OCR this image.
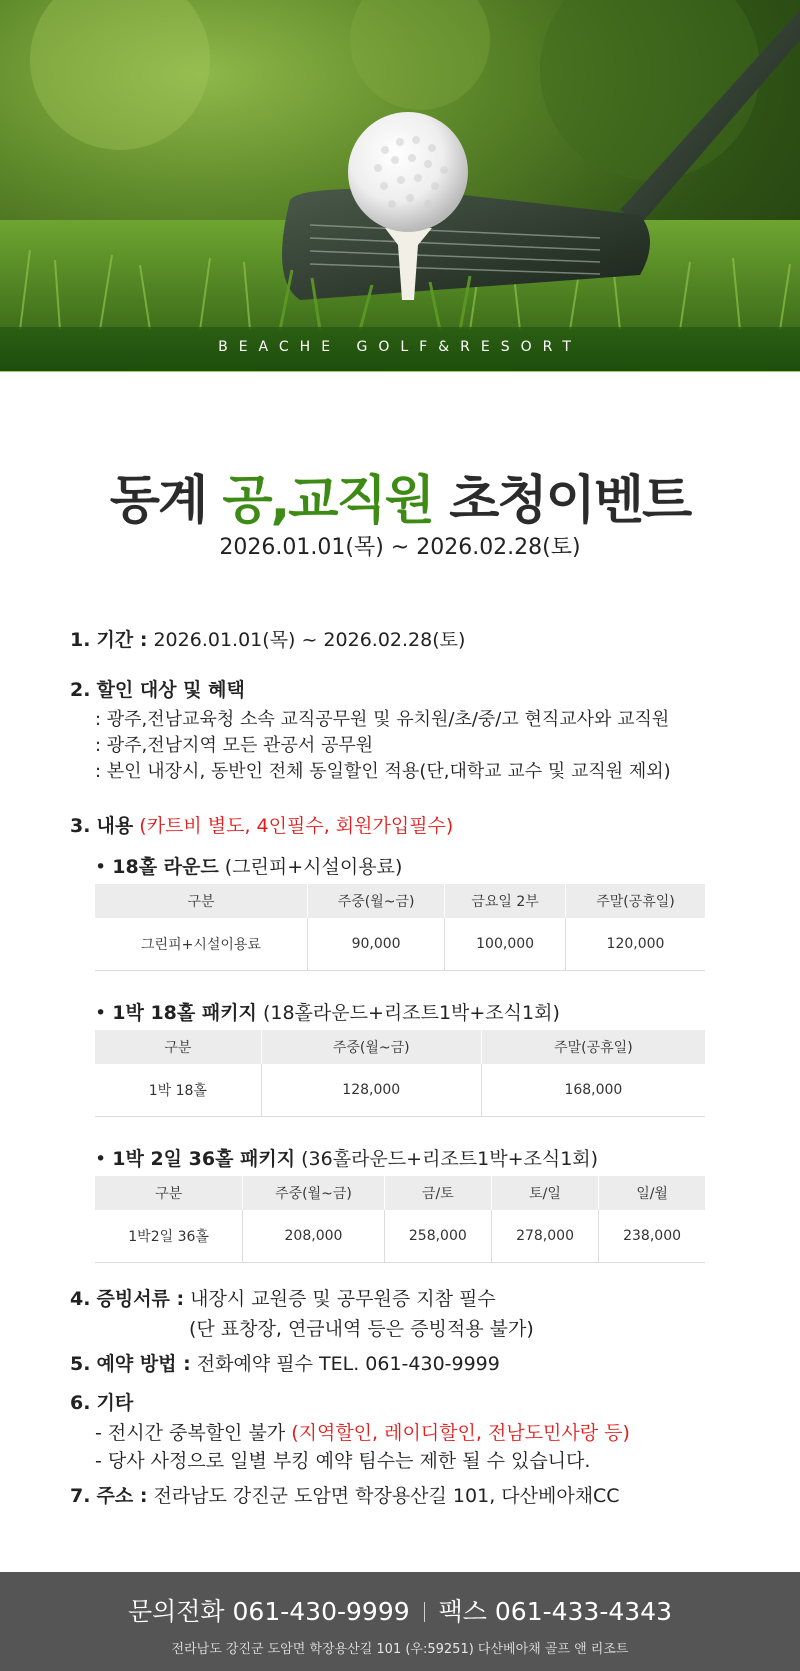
BEACHE GOLF&RESORT
동계 공,교직원 초청이벤트
2026.01.01(목) ~ 2026.02.28(토)
1. 기간 : 2026.01.01(목) ~ 2026.02.28(토)
2. 할인 대상 및 혜택
: 광주,전남교육청 소속 교직공무원 및 유치원/초/중/고 현직교사와 교직원
: 광주,전남지역 모든 관공서 공무원
: 본인 내장시, 동반인 전체 동일할인 적용(단,대학교 교수 및 교직원 제외)
3. 내용 (카트비 별도, 4인필수, 회원가입필수)
• 18홀 라운드 (그린피+시설이용료)
구분	주중(월~금)	금요일 2부	주말(공휴일)
그린피+시설이용료	90,000	100,000	120,000
• 1박 18홀 패키지 (18홀라운드+리조트1박+조식1회)
구분	주중(월~금)	주말(공휴일)
1박 18홀	128,000	168,000
• 1박 2일 36홀 패키지 (36홀라운드+리조트1박+조식1회)
구분	주중(월~금)	금/토	토/일	일/월
1박2일 36홀	208,000	258,000	278,000	238,000
4. 증빙서류 : 내장시 교원증 및 공무원증 지참 필수
(단 표창장, 연금내역 등은 증빙적용 불가)
5. 예약 방법 : 전화예약 필수 TEL. 061-430-9999
6. 기타
- 전시간 중복할인 불가 (지역할인, 레이디할인, 전남도민사랑 등)
- 당사 사정으로 일별 부킹 예약 팀수는 제한 될 수 있습니다.
7. 주소 : 전라남도 강진군 도암면 학장용산길 101, 다산베아채CC
문의전화 061-430-9999 팩스 061-433-4343
전라남도 강진군 도암면 학장용산길 101 (우:59251) 다산베아채 골프 앤 리조트
